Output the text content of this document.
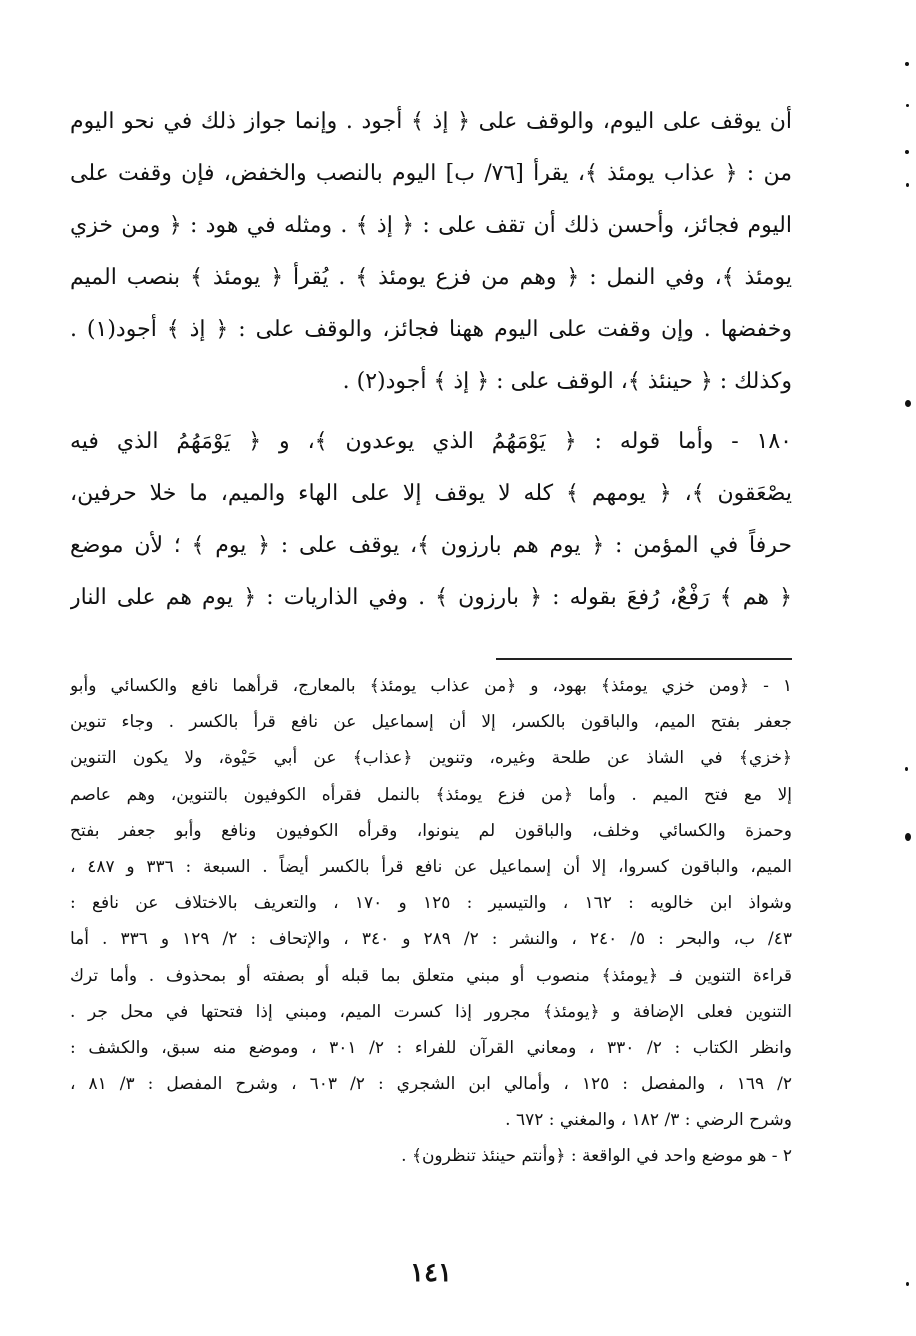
أن يوقف على اليوم، والوقف على ﴿ إذ ﴾ أجود . وإنما جواز ذلك في نحو اليوم
من : ﴿ عذاب يومئذ ﴾، يقرأ [٧٦/ ب] اليوم بالنصب والخفض، فإن وقفت على
اليوم فجائز، وأحسن ذلك أن تقف على : ﴿ إذ ﴾ . ومثله في هود : ﴿ ومن خزي
يومئذ ﴾، وفي النمل : ﴿ وهم من فزع يومئذ ﴾ . يُقرأ ﴿ يومئذ ﴾ بنصب الميم
وخفضها . وإن وقفت على اليوم ههنا فجائز، والوقف على : ﴿ إذ ﴾ أجود(١) .
وكذلك : ﴿ حينئذ ﴾، الوقف على : ﴿ إذ ﴾ أجود(٢) .
١٨٠ - وأما قوله : ﴿ يَوْمَهُمُ الذي يوعدون ﴾، و ﴿ يَوْمَهُمُ الذي فيه
يصْعَقون ﴾، ﴿ يومهم ﴾ كله لا يوقف إلا على الهاء والميم، ما خلا حرفين،
حرفاً في المؤمن : ﴿ يوم هم بارزون ﴾، يوقف على : ﴿ يوم ﴾ ؛ لأن موضع
﴿ هم ﴾ رَفْعٌ، رُفعَ بقوله : ﴿ بارزون ﴾ . وفي الذاريات : ﴿ يوم هم على النار
١ - ﴿ومن خزي يومئذ﴾ بهود، و ﴿من عذاب يومئذ﴾ بالمعارج، قرأهما نافع والكسائي وأبو
جعفر بفتح الميم، والباقون بالكسر، إلا أن إسماعيل عن نافع قرأ بالكسر . وجاء تنوين
﴿خزي﴾ في الشاذ عن طلحة وغيره، وتنوين ﴿عذاب﴾ عن أبي حَيْوة، ولا يكون التنوين
إلا مع فتح الميم . وأما ﴿من فزع يومئذ﴾ بالنمل فقرأه الكوفيون بالتنوين، وهم عاصم
وحمزة والكسائي وخلف، والباقون لم ينونوا، وقرأه الكوفيون ونافع وأبو جعفر بفتح
الميم، والباقون كسروا، إلا أن إسماعيل عن نافع قرأ بالكسر أيضاً . السبعة : ٣٣٦ و ٤٨٧ ،
وشواذ ابن خالويه : ١٦٢ ، والتيسير : ١٢٥ و ١٧٠ ، والتعريف بالاختلاف عن نافع :
٤٣/ ب، والبحر : ٥/ ٢٤٠ ، والنشر : ٢/ ٢٨٩ و ٣٤٠ ، والإتحاف : ٢/ ١٢٩ و ٣٣٦ . أما
قراءة التنوين فـ ﴿يومئذ﴾ منصوب أو مبني متعلق بما قبله أو بصفته أو بمحذوف . وأما ترك
التنوين فعلى الإضافة و ﴿يومئذ﴾ مجرور إذا كسرت الميم، ومبني إذا فتحتها في محل جر .
وانظر الكتاب : ٢/ ٣٣٠ ، ومعاني القرآن للفراء : ٢/ ٣٠١ ، وموضع منه سبق، والكشف :
٢/ ١٦٩ ، والمفصل : ١٢٥ ، وأمالي ابن الشجري : ٢/ ٦٠٣ ، وشرح المفصل : ٣/ ٨١ ،
وشرح الرضي : ٣/ ١٨٢ ، والمغني : ٦٧٢ .
٢ - هو موضع واحد في الواقعة : ﴿وأنتم حينئذ تنظرون﴾ .
١٤١
